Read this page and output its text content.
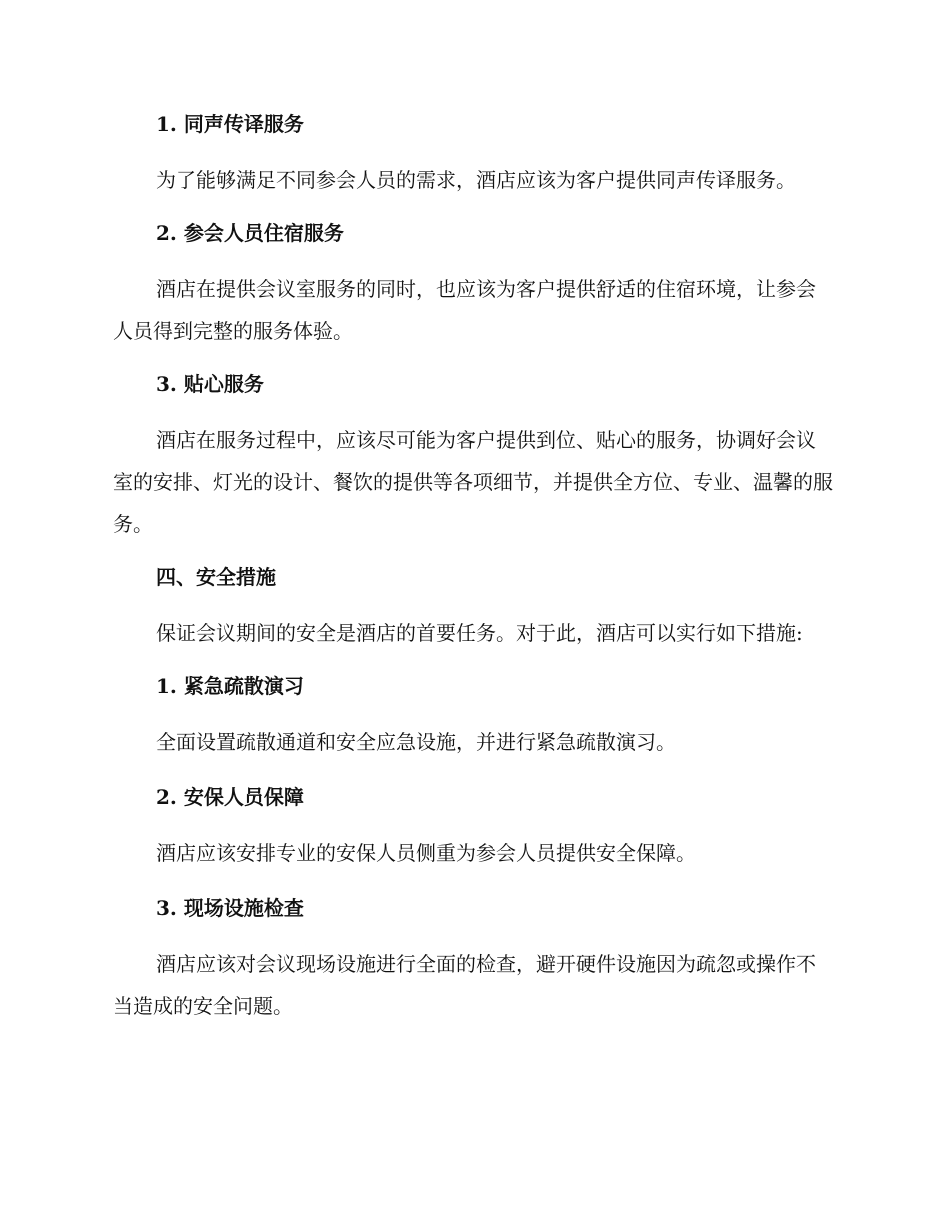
1. 同声传译服务
为了能够满足不同参会人员的需求，酒店应该为客户提供同声传译服务。
2. 参会人员住宿服务
酒店在提供会议室服务的同时，也应该为客户提供舒适的住宿环境，让参会人员得到完整的服务体验。
3. 贴心服务
酒店在服务过程中，应该尽可能为客户提供到位、贴心的服务，协调好会议室的安排、灯光的设计、餐饮的提供等各项细节，并提供全方位、专业、温馨的服务。
四、安全措施
保证会议期间的安全是酒店的首要任务。对于此，酒店可以实行如下措施:
1. 紧急疏散演习
全面设置疏散通道和安全应急设施，并进行紧急疏散演习。
2. 安保人员保障
酒店应该安排专业的安保人员侧重为参会人员提供安全保障。
3. 现场设施检查
酒店应该对会议现场设施进行全面的检查，避开硬件设施因为疏忽或操作不当造成的安全问题。
